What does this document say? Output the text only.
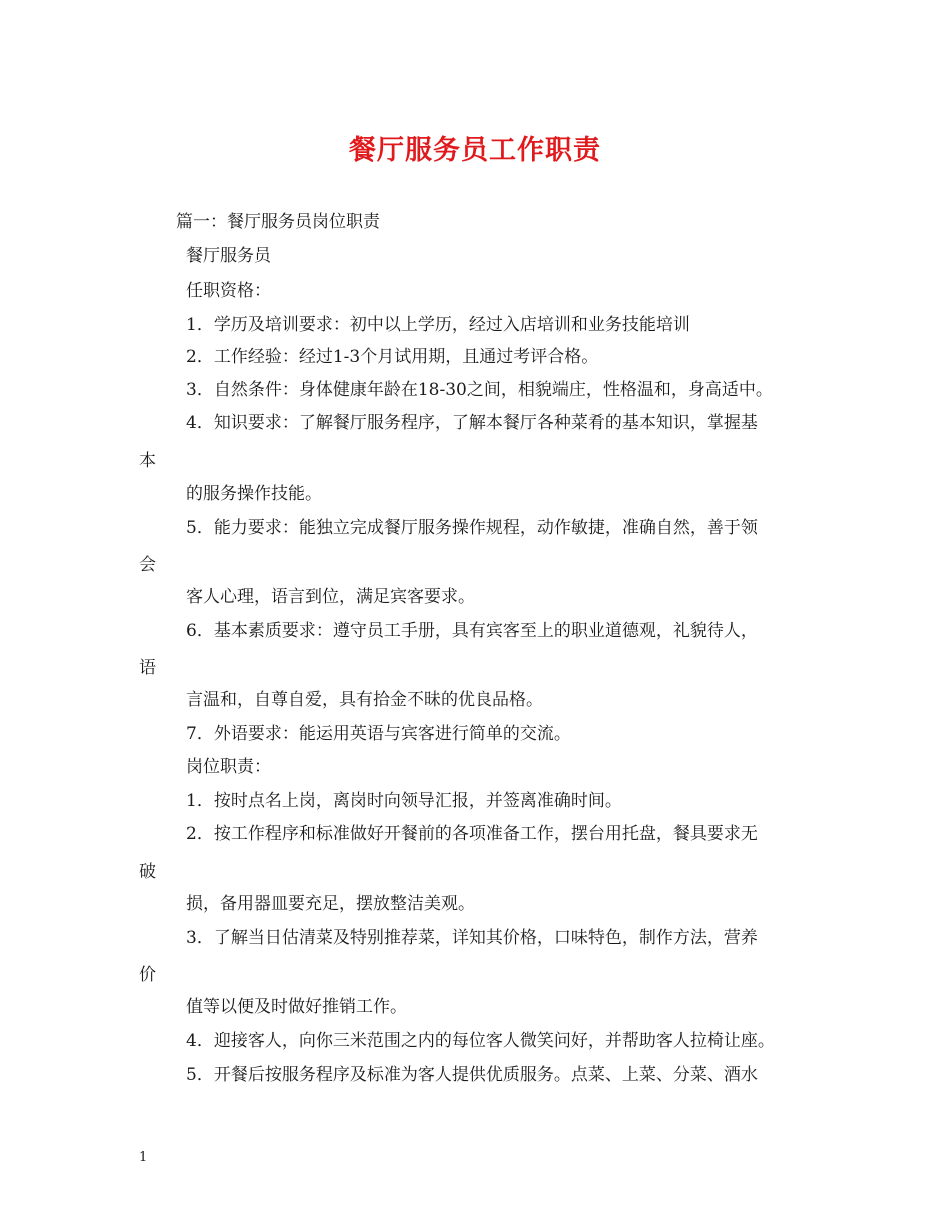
餐厅服务员工作职责
篇一：餐厅服务员岗位职责
餐厅服务员
任职资格：
1．学历及培训要求：初中以上学历，经过入店培训和业务技能培训
2．工作经验：经过1-3个月试用期，且通过考评合格。
3．自然条件：身体健康年龄在18-30之间，相貌端庄，性格温和，身高适中。
4．知识要求：了解餐厅服务程序，了解本餐厅各种菜肴的基本知识，掌握基
本
的服务操作技能。
5．能力要求：能独立完成餐厅服务操作规程，动作敏捷，准确自然，善于领
会
客人心理，语言到位，满足宾客要求。
6．基本素质要求：遵守员工手册，具有宾客至上的职业道德观，礼貌待人，
语
言温和，自尊自爱，具有拾金不昧的优良品格。
7．外语要求：能运用英语与宾客进行简单的交流。
岗位职责：
1．按时点名上岗，离岗时向领导汇报，并签离准确时间。
2．按工作程序和标准做好开餐前的各项准备工作，摆台用托盘，餐具要求无
破
损，备用器皿要充足，摆放整洁美观。
3．了解当日估清菜及特别推荐菜，详知其价格，口味特色，制作方法，营养
价
值等以便及时做好推销工作。
4．迎接客人，向你三米范围之内的每位客人微笑问好，并帮助客人拉椅让座。
5．开餐后按服务程序及标准为客人提供优质服务。点菜、上菜、分菜、酒水
1
